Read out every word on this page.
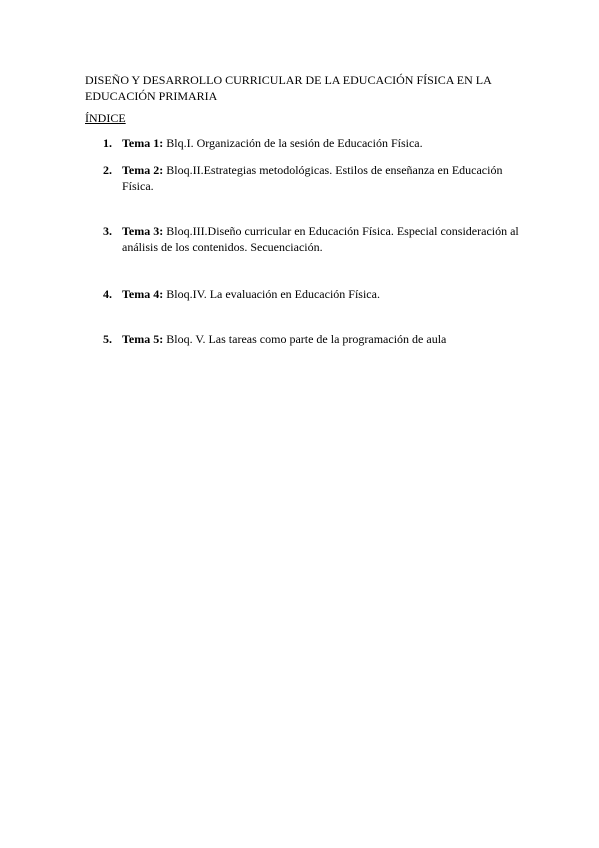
DISEÑO Y DESARROLLO CURRICULAR DE LA EDUCACIÓN FÍSICA EN LA EDUCACIÓN PRIMARIA
ÍNDICE
1. Tema 1: Blq.I. Organización de la sesión de Educación Física.
2. Tema 2: Bloq.II.Estrategias metodológicas. Estilos de enseñanza en Educación Física.
3. Tema 3: Bloq.III.Diseño curricular en Educación Física. Especial consideración al análisis de los contenidos. Secuenciación.
4. Tema 4: Bloq.IV. La evaluación en Educación Física.
5. Tema 5: Bloq. V. Las tareas como parte de la programación de aula
